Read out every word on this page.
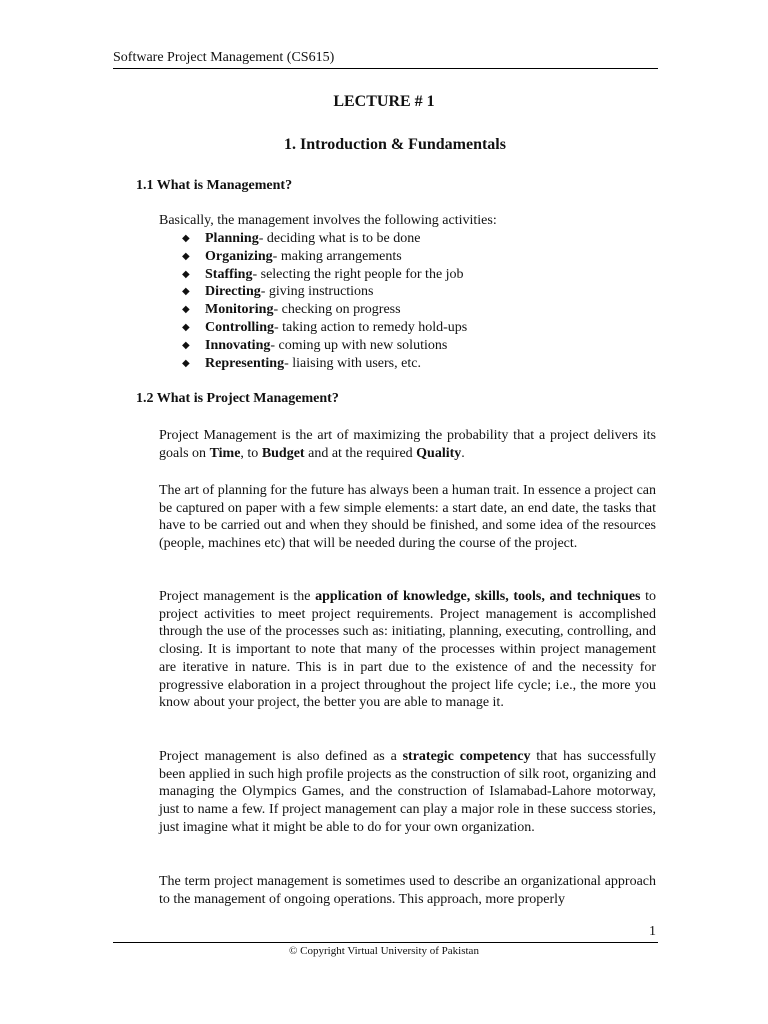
Software Project Management (CS615)
LECTURE # 1
1. Introduction & Fundamentals
1.1 What is Management?
Basically, the management involves the following activities:
◆ Planning- deciding what is to be done
◆ Organizing- making arrangements
◆ Staffing- selecting the right people for the job
◆ Directing- giving instructions
◆ Monitoring- checking on progress
◆ Controlling- taking action to remedy hold-ups
◆ Innovating- coming up with new solutions
◆ Representing- liaising with users, etc.
1.2 What is Project Management?
Project Management is the art of maximizing the probability that a project delivers its goals on Time, to Budget and at the required Quality.
The art of planning for the future has always been a human trait. In essence a project can be captured on paper with a few simple elements: a start date, an end date, the tasks that have to be carried out and when they should be finished, and some idea of the resources (people, machines etc) that will be needed during the course of the project.
Project management is the application of knowledge, skills, tools, and techniques to project activities to meet project requirements. Project management is accomplished through the use of the processes such as: initiating, planning, executing, controlling, and closing. It is important to note that many of the processes within project management are iterative in nature. This is in part due to the existence of and the necessity for progressive elaboration in a project throughout the project life cycle; i.e., the more you know about your project, the better you are able to manage it.
Project management is also defined as a strategic competency that has successfully been applied in such high profile projects as the construction of silk root, organizing and managing the Olympics Games, and the construction of Islamabad-Lahore motorway, just to name a few. If project management can play a major role in these success stories, just imagine what it might be able to do for your own organization.
The term project management is sometimes used to describe an organizational approach to the management of ongoing operations. This approach, more properly
1
© Copyright Virtual University of Pakistan
